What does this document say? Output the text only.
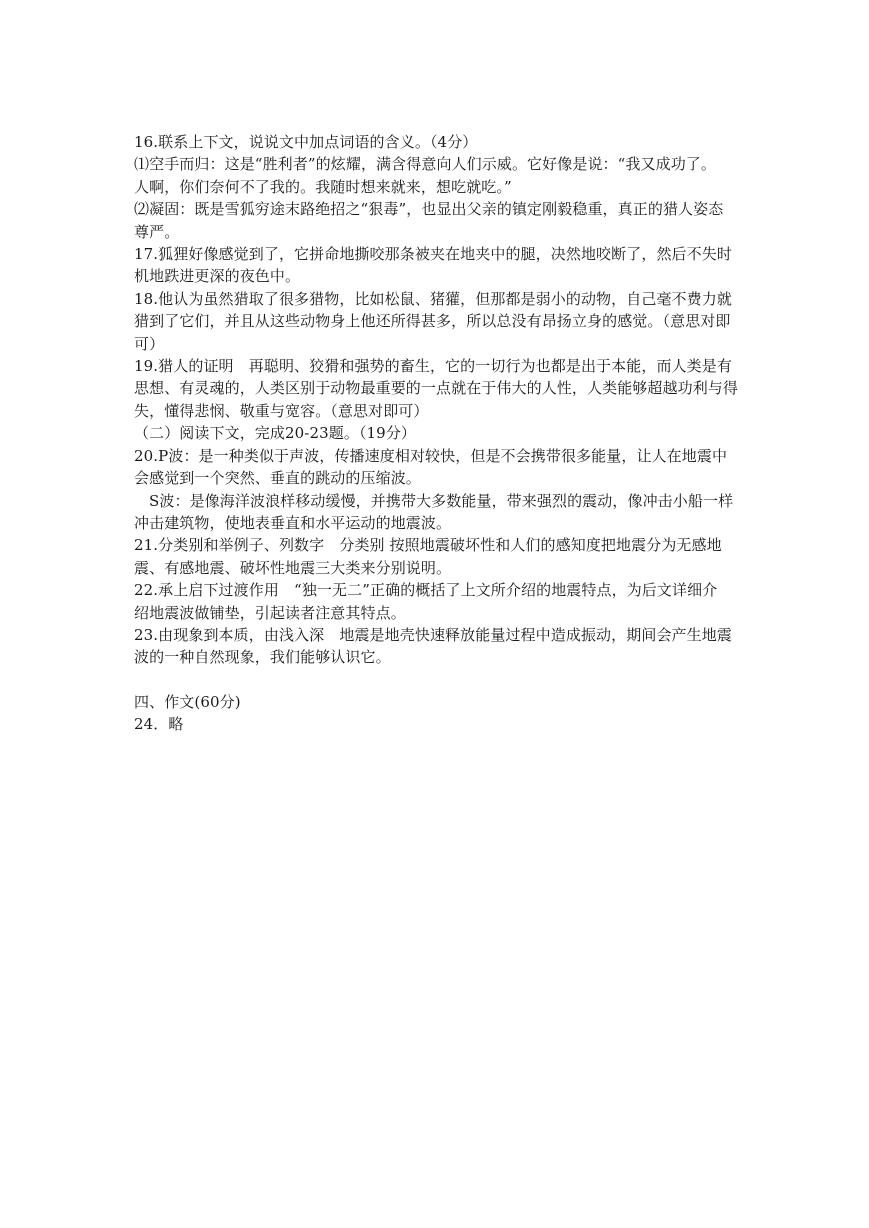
16.联系上下文，说说文中加点词语的含义。（4分）
⑴空手而归：这是“胜利者”的炫耀，满含得意向人们示威。它好像是说：“我又成功了。
人啊，你们奈何不了我的。我随时想来就来，想吃就吃。”
⑵凝固：既是雪狐穷途末路绝招之“狠毒”，也显出父亲的镇定刚毅稳重，真正的猎人姿态
尊严。
17.狐狸好像感觉到了，它拼命地撕咬那条被夹在地夹中的腿，决然地咬断了，然后不失时
机地跌进更深的夜色中。
18.他认为虽然猎取了很多猎物，比如松鼠、猪獾，但那都是弱小的动物，自己毫不费力就
猎到了它们，并且从这些动物身上他还所得甚多，所以总没有昂扬立身的感觉。（意思对即
可）
19.猎人的证明　再聪明、狡猾和强势的畜生，它的一切行为也都是出于本能，而人类是有
思想、有灵魂的，人类区别于动物最重要的一点就在于伟大的人性，人类能够超越功利与得
失，懂得悲悯、敬重与宽容。（意思对即可）
（二）阅读下文，完成20-23题。（19分）
20.P波：是一种类似于声波，传播速度相对较快，但是不会携带很多能量，让人在地震中
会感觉到一个突然、垂直的跳动的压缩波。
S波：是像海洋波浪样移动缓慢，并携带大多数能量，带来强烈的震动，像冲击小船一样
冲击建筑物，使地表垂直和水平运动的地震波。
21.分类别和举例子、列数字　分类别 按照地震破坏性和人们的感知度把地震分为无感地
震、有感地震、破坏性地震三大类来分别说明。
22.承上启下过渡作用　“独一无二”正确的概括了上文所介绍的地震特点，为后文详细介
绍地震波做铺垫，引起读者注意其特点。
23.由现象到本质，由浅入深　地震是地壳快速释放能量过程中造成振动，期间会产生地震
波的一种自然现象，我们能够认识它。
四、作文(60分)
24．略
